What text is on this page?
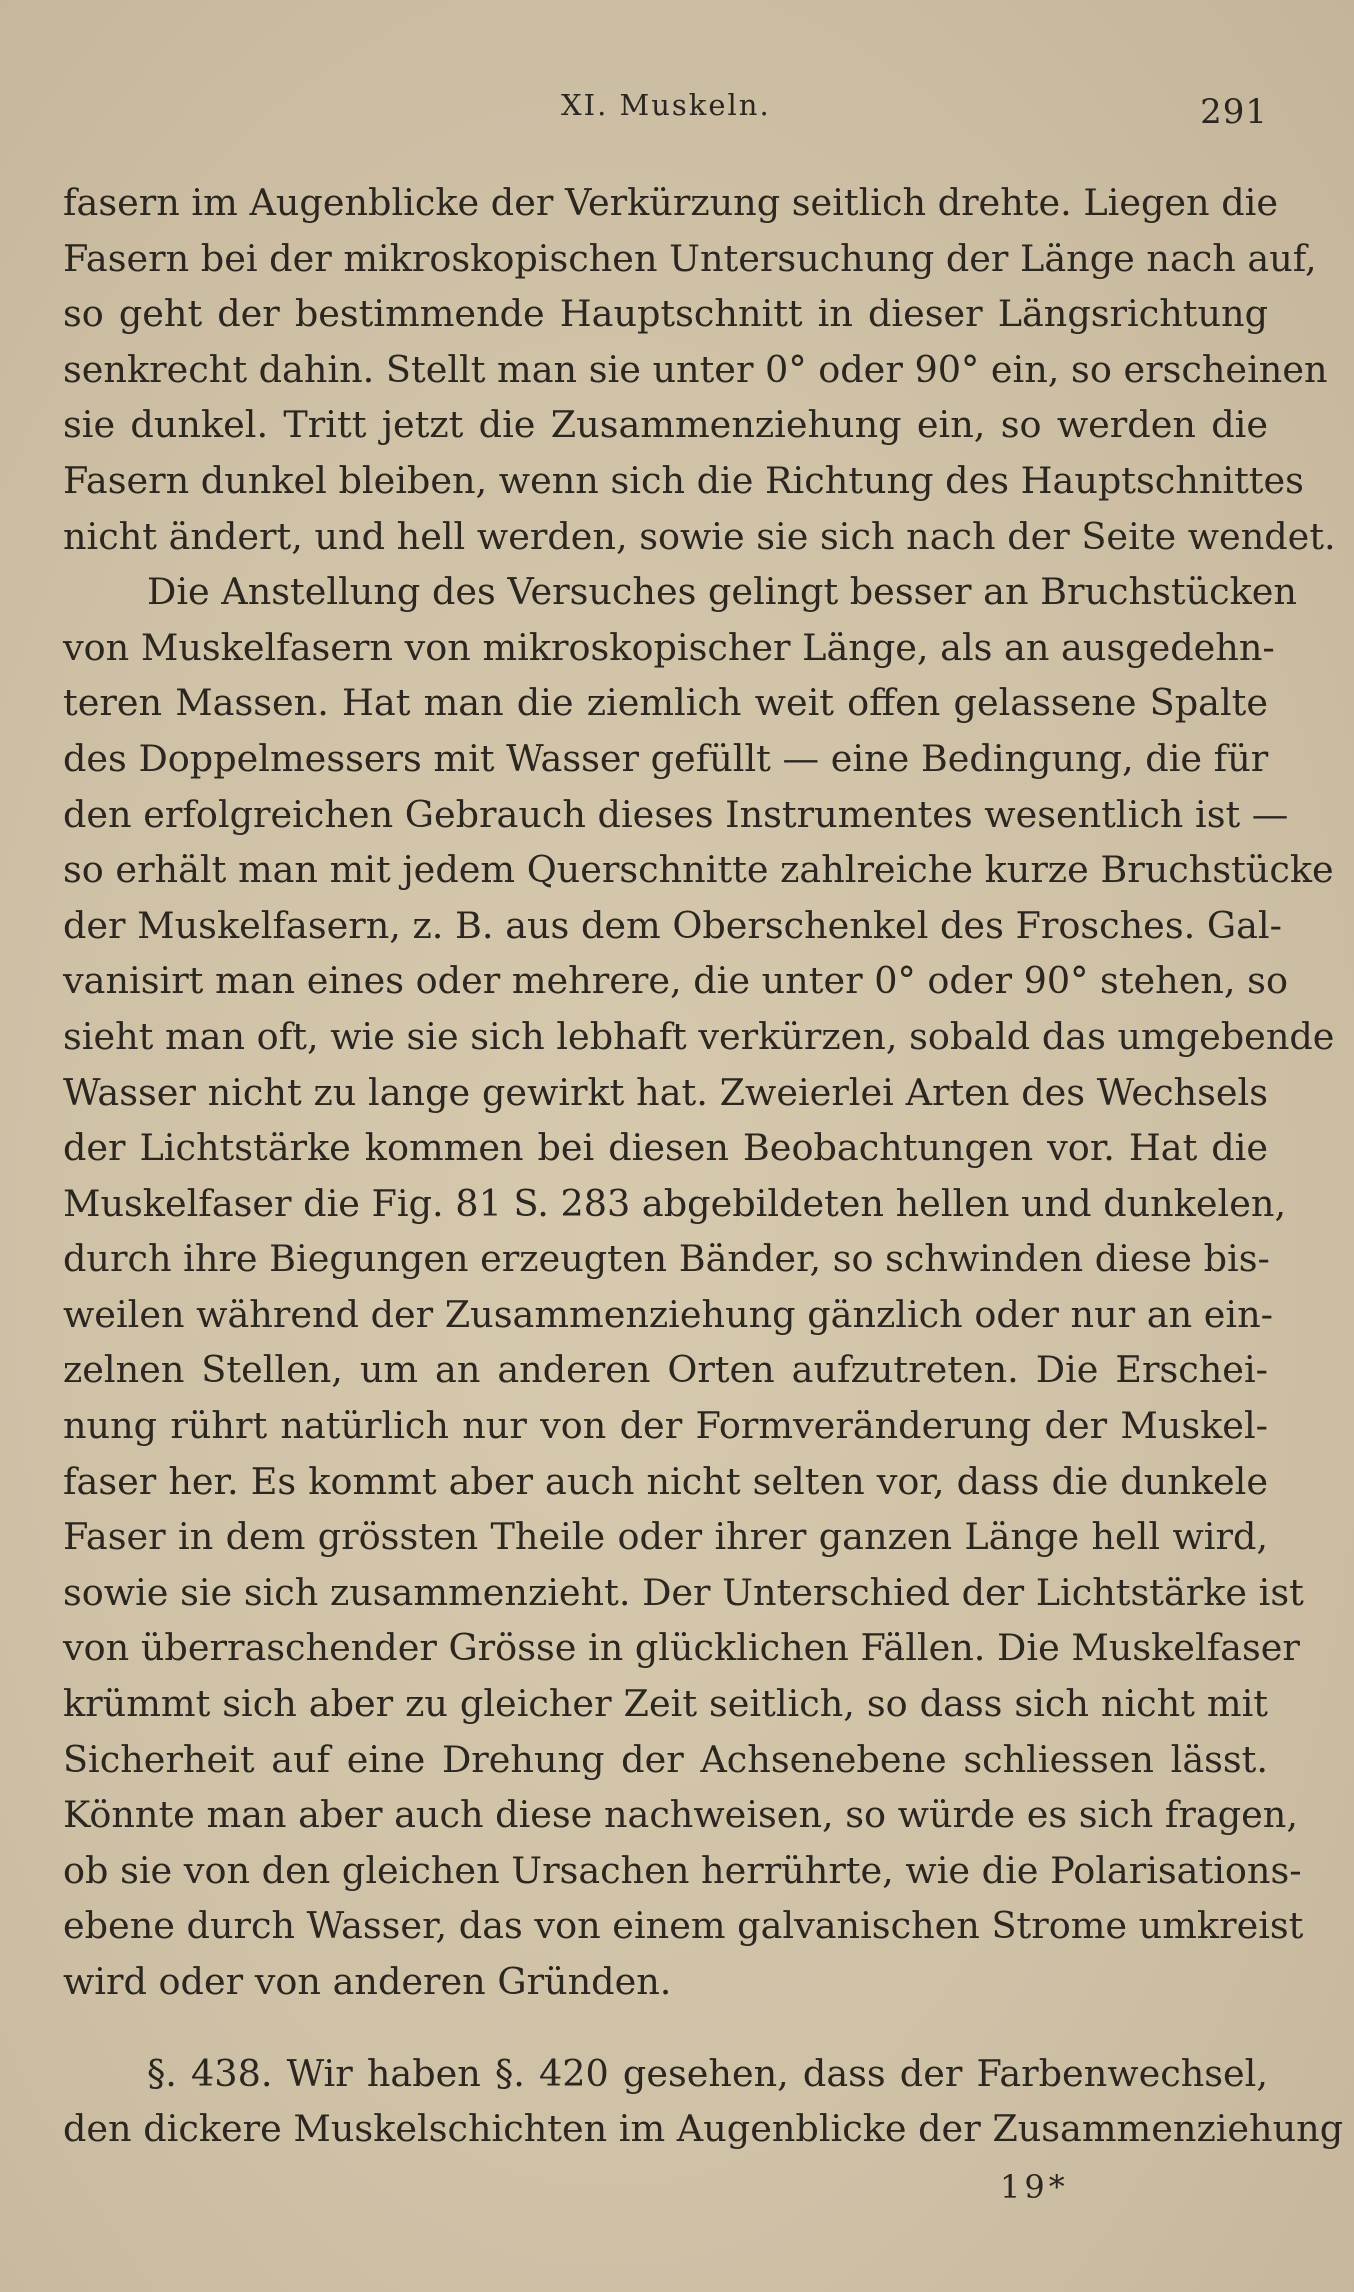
XI. Muskeln.	291

fasern im Augenblicke der Verkürzung seitlich drehte. Liegen die
Fasern bei der mikroskopischen Untersuchung der Länge nach auf,
so geht der bestimmende Hauptschnitt in dieser Längsrichtung
senkrecht dahin. Stellt man sie unter 0° oder 90° ein, so erscheinen
sie dunkel. Tritt jetzt die Zusammenziehung ein, so werden die
Fasern dunkel bleiben, wenn sich die Richtung des Hauptschnittes
nicht ändert, und hell werden, sowie sie sich nach der Seite wendet.

Die Anstellung des Versuches gelingt besser an Bruchstücken
von Muskelfasern von mikroskopischer Länge, als an ausgedehn-
teren Massen. Hat man die ziemlich weit offen gelassene Spalte
des Doppelmessers mit Wasser gefüllt — eine Bedingung, die für
den erfolgreichen Gebrauch dieses Instrumentes wesentlich ist —
so erhält man mit jedem Querschnitte zahlreiche kurze Bruchstücke
der Muskelfasern, z. B. aus dem Oberschenkel des Frosches. Gal-
vanisirt man eines oder mehrere, die unter 0° oder 90° stehen, so
sieht man oft, wie sie sich lebhaft verkürzen, sobald das umgebende
Wasser nicht zu lange gewirkt hat. Zweierlei Arten des Wechsels
der Lichtstärke kommen bei diesen Beobachtungen vor. Hat die
Muskelfaser die Fig. 81 S. 283 abgebildeten hellen und dunkelen,
durch ihre Biegungen erzeugten Bänder, so schwinden diese bis-
weilen während der Zusammenziehung gänzlich oder nur an ein-
zelnen Stellen, um an anderen Orten aufzutreten. Die Erschei-
nung rührt natürlich nur von der Formveränderung der Muskel-
faser her. Es kommt aber auch nicht selten vor, dass die dunkele
Faser in dem grössten Theile oder ihrer ganzen Länge hell wird,
sowie sie sich zusammenzieht. Der Unterschied der Lichtstärke ist
von überraschender Grösse in glücklichen Fällen. Die Muskelfaser
krümmt sich aber zu gleicher Zeit seitlich, so dass sich nicht mit
Sicherheit auf eine Drehung der Achsenebene schliessen lässt.
Könnte man aber auch diese nachweisen, so würde es sich fragen,
ob sie von den gleichen Ursachen herrührte, wie die Polarisations-
ebene durch Wasser, das von einem galvanischen Strome umkreist
wird oder von anderen Gründen.

§. 438. Wir haben §. 420 gesehen, dass der Farbenwechsel,
den dickere Muskelschichten im Augenblicke der Zusammenziehung

19*
